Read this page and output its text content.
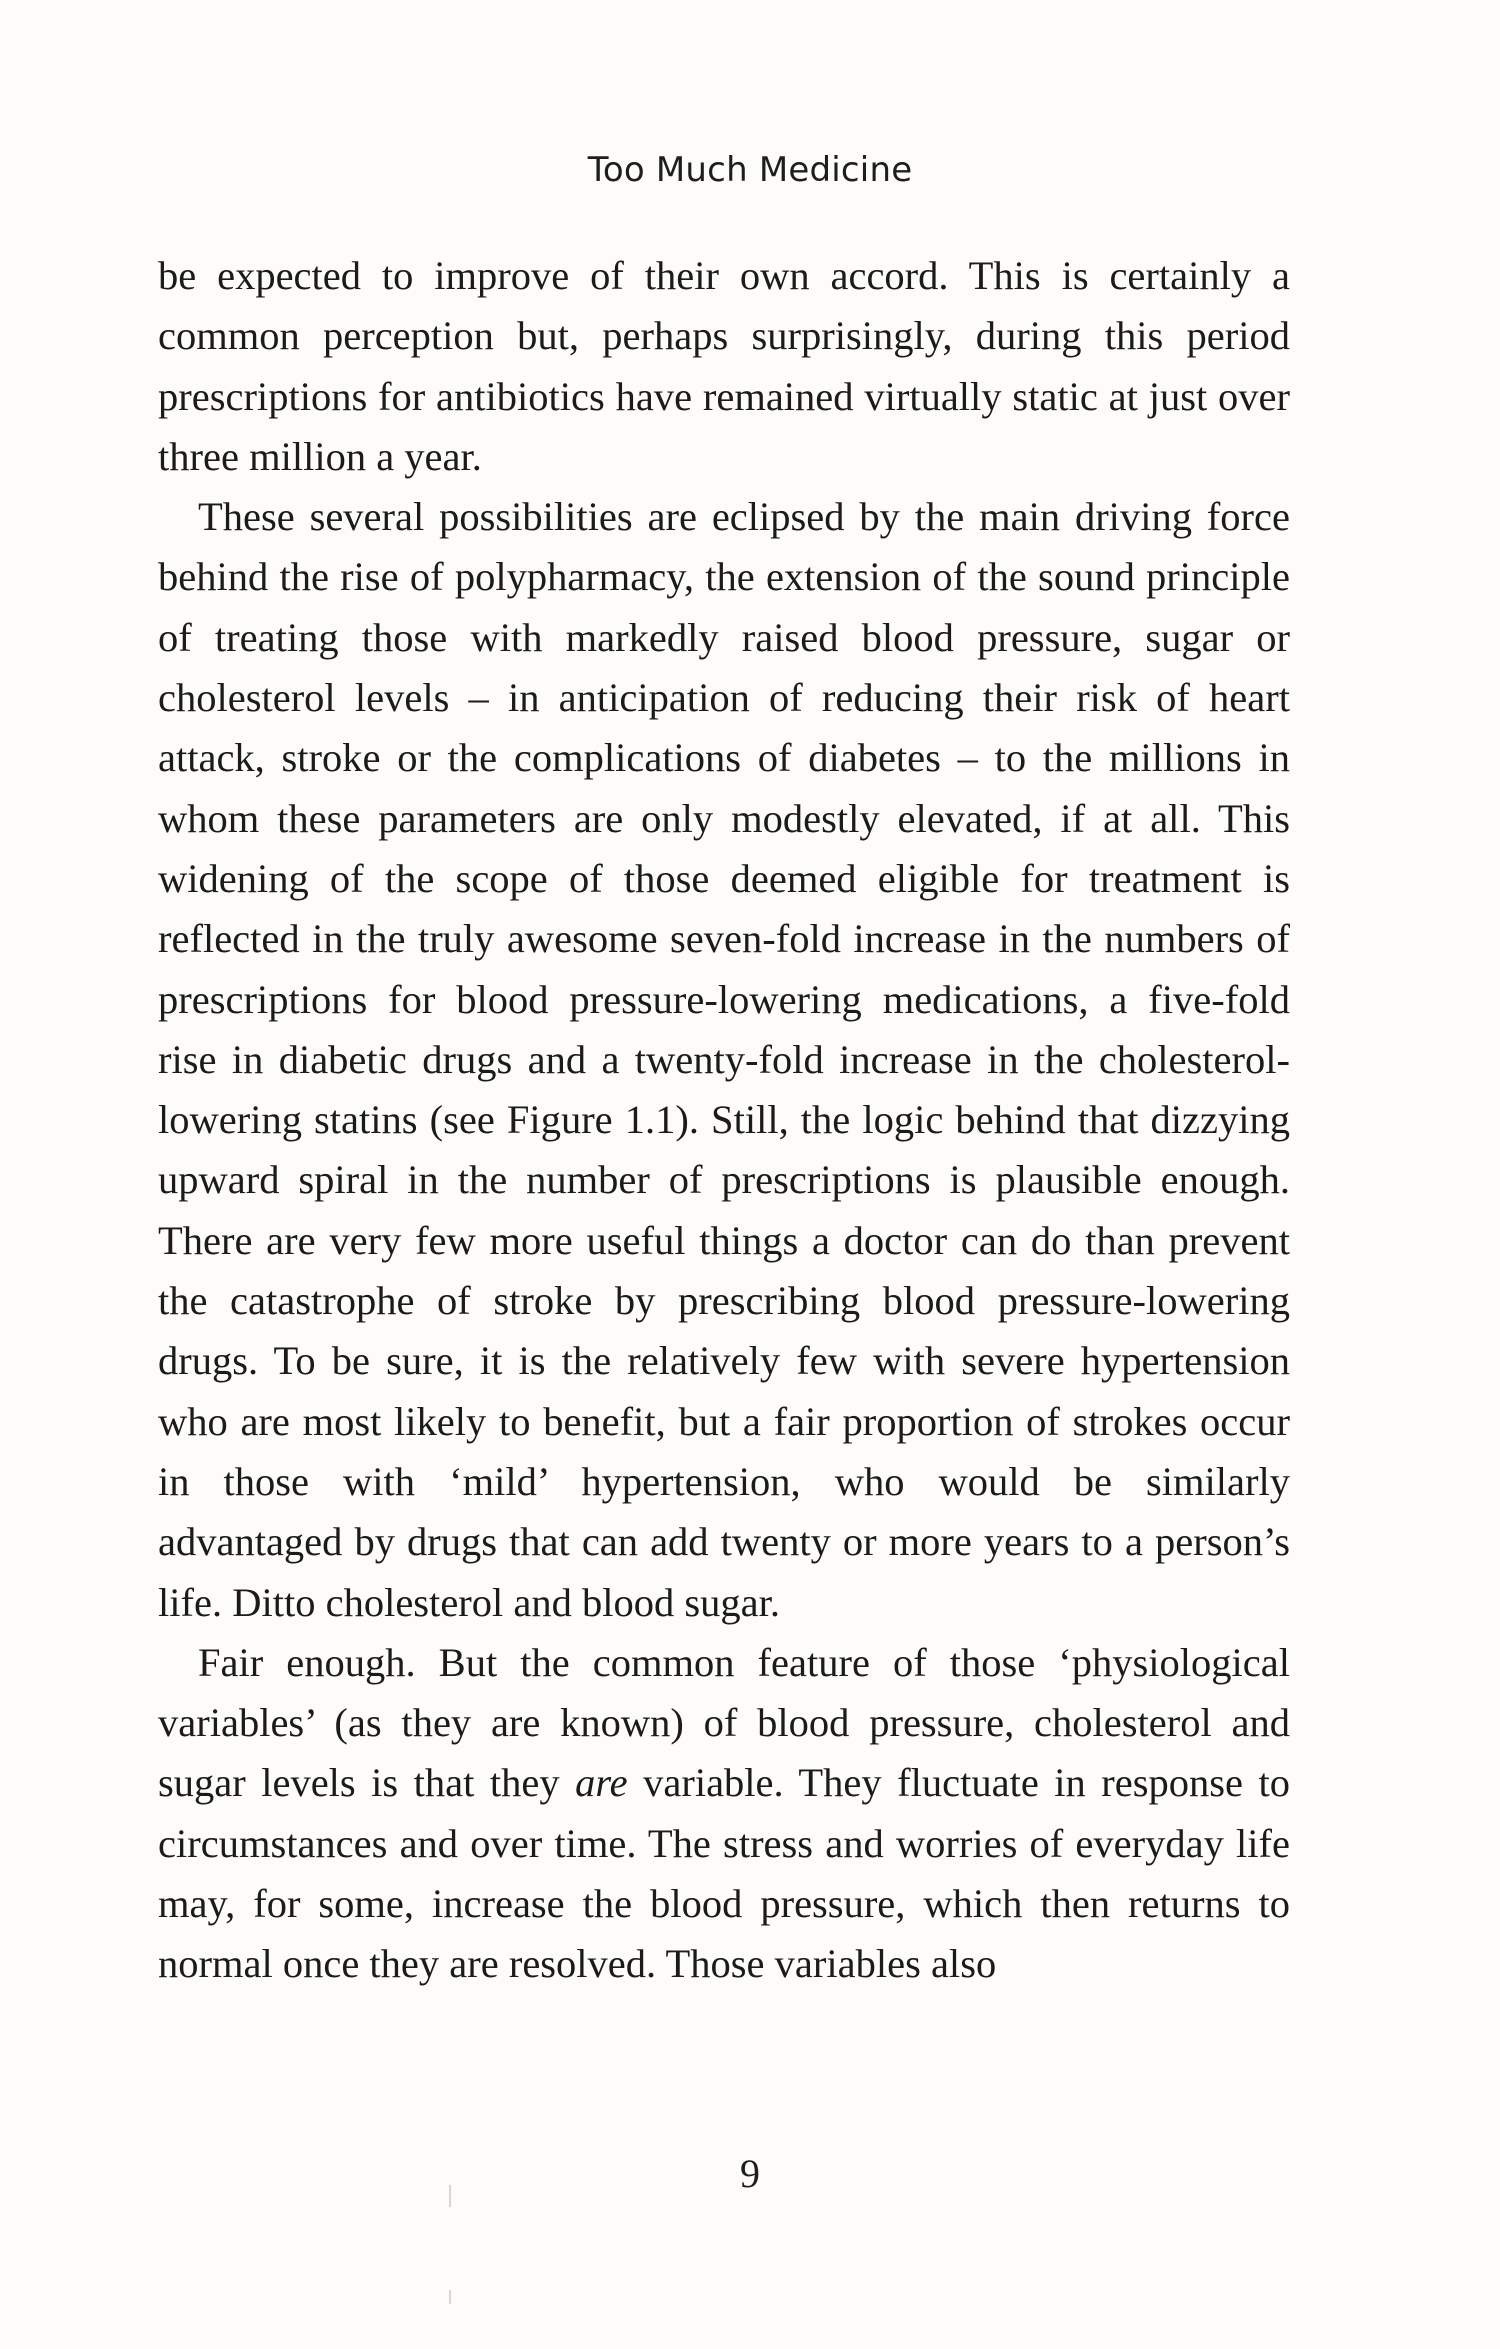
Too Much Medicine

be expected to improve of their own accord. This is certainly a common perception but, perhaps surprisingly, during this period prescriptions for antibiotics have remained virtually static at just over three million a year.

These several possibilities are eclipsed by the main driving force behind the rise of polypharmacy, the extension of the sound principle of treating those with markedly raised blood pressure, sugar or cholesterol levels – in anticipation of reducing their risk of heart attack, stroke or the complications of diabetes – to the millions in whom these parameters are only modestly elevated, if at all. This widening of the scope of those deemed eligible for treatment is reflected in the truly awesome seven-fold increase in the numbers of prescriptions for blood pressure-lowering medications, a five-fold rise in diabetic drugs and a twenty-fold increase in the cholesterol-lowering statins (see Figure 1.1). Still, the logic behind that dizzying upward spiral in the number of prescriptions is plausible enough. There are very few more useful things a doctor can do than prevent the catastrophe of stroke by prescribing blood pressure-lowering drugs. To be sure, it is the relatively few with severe hypertension who are most likely to benefit, but a fair proportion of strokes occur in those with ‘mild’ hypertension, who would be similarly advantaged by drugs that can add twenty or more years to a person’s life. Ditto cholesterol and blood sugar.

Fair enough. But the common feature of those ‘physiological variables’ (as they are known) of blood pressure, cholesterol and sugar levels is that they are variable. They fluctuate in response to circumstances and over time. The stress and worries of everyday life may, for some, increase the blood pressure, which then returns to normal once they are resolved. Those variables also

9
